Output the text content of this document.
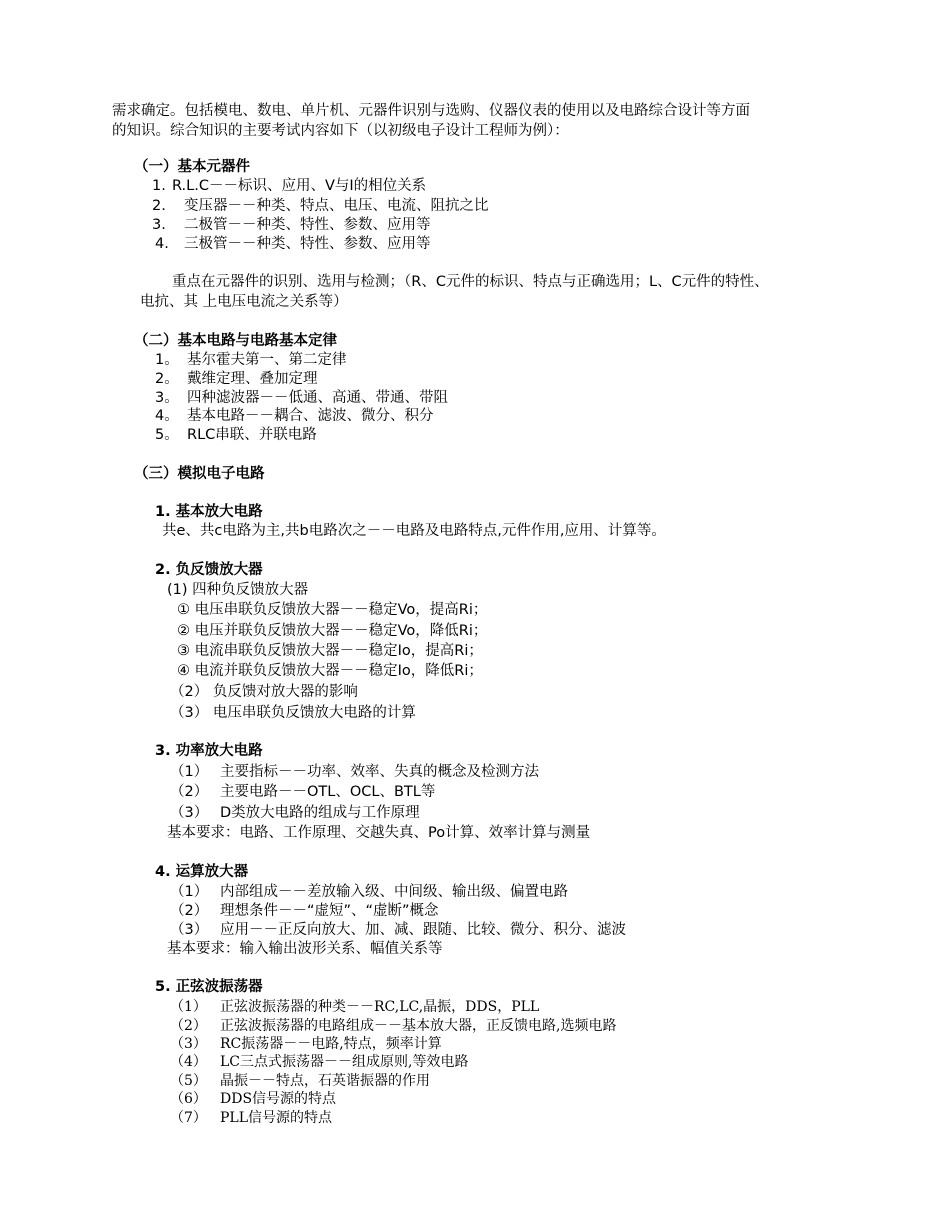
需求确定。包括模电、数电、单片机、元器件识别与选购、仪器仪表的使用以及电路综合设计等方面
的知识。综合知识的主要考试内容如下（以初级电子设计工程师为例）：
（一）基本元器件
1. R.L.C－－标识、应用、V与I的相位关系
2. 变压器－－种类、特点、电压、电流、阻抗之比
3. 二极管－－种类、特性、参数、应用等
4. 三极管－－种类、特性、参数、应用等
重点在元器件的识别、选用与检测；（R、C元件的标识、特点与正确选用；L、C元件的特性、
电抗、其 上电压电流之关系等）
（二）基本电路与电路基本定律
1。 基尔霍夫第一、第二定律
2。 戴维定理、叠加定理
3。 四种滤波器－－低通、高通、带通、带阻
4。 基本电路－－耦合、滤波、微分、积分
5。 RLC串联、并联电路
（三）模拟电子电路
1. 基本放大电路
共e、共c电路为主,共b电路次之－－电路及电路特点,元件作用,应用、计算等。
2. 负反馈放大器
(1) 四种负反馈放大器
① 电压串联负反馈放大器－－稳定Vo，提高Ri；
② 电压并联负反馈放大器－－稳定Vo，降低Ri；
③ 电流串联负反馈放大器－－稳定Io，提高Ri；
④ 电流并联负反馈放大器－－稳定Io，降低Ri；
（2） 负反馈对放大器的影响
（3） 电压串联负反馈放大电路的计算
3. 功率放大电路
（1） 主要指标－－功率、效率、失真的概念及检测方法
（2） 主要电路－－OTL、OCL、BTL等
（3） D类放大电路的组成与工作原理
基本要求：电路、工作原理、交越失真、Po计算、效率计算与测量
4. 运算放大器
（1） 内部组成－－差放输入级、中间级、输出级、偏置电路
（2） 理想条件－－“虚短”、“虚断”概念
（3） 应用－－正反向放大、加、减、跟随、比较、微分、积分、滤波
基本要求：输入输出波形关系、幅值关系等
5. 正弦波振荡器
（1） 正弦波振荡器的种类－－RC,LC,晶振，DDS，PLL
（2） 正弦波振荡器的电路组成－－基本放大器，正反馈电路,选频电路
（3） RC振荡器－－电路,特点，频率计算
（4） LC三点式振荡器－－组成原则,等效电路
（5） 晶振－－特点，石英谐振器的作用
（6） DDS信号源的特点
（7） PLL信号源的特点
